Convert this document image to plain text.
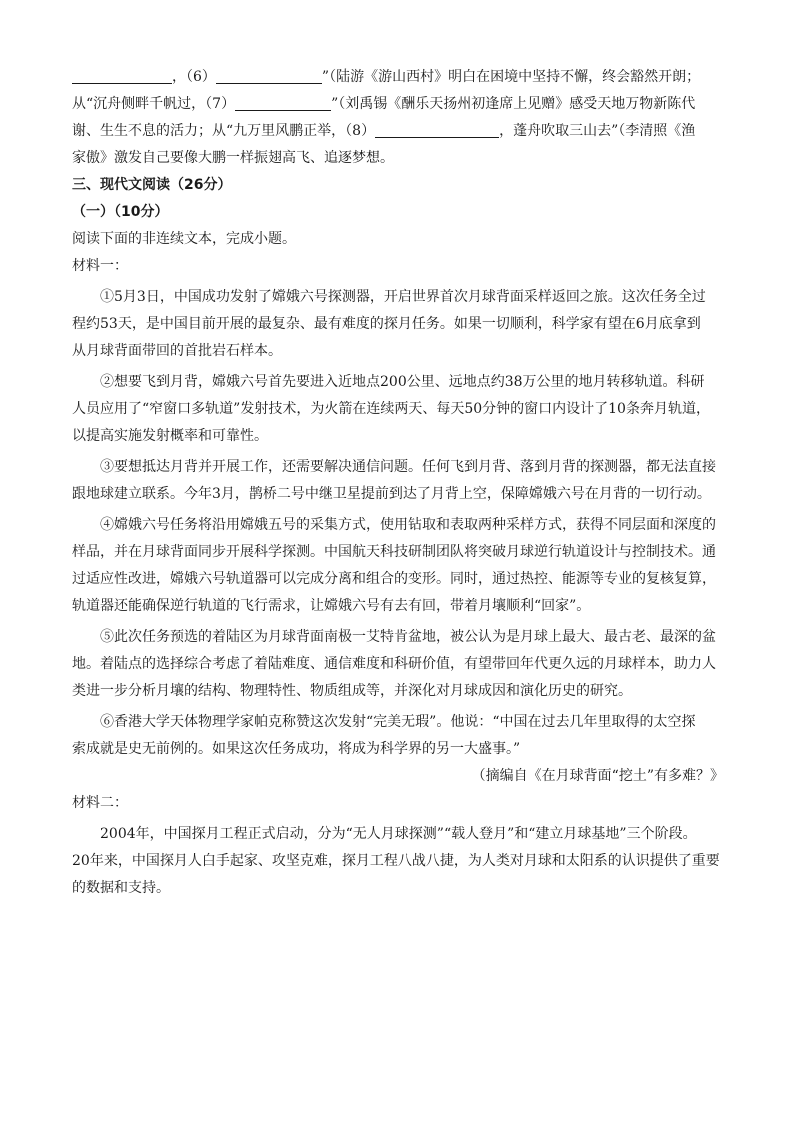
，（6）	”（陆游《游山西村》明白在困境中坚持不懈，终会豁然开朗；
从“沉舟侧畔千帆过，（7）	”（刘禹锡《酬乐天扬州初逢席上见赠》感受天地万物新陈代
谢、生生不息的活力；从“九万里风鹏正举，（8）	，蓬舟吹取三山去”（李清照《渔
家傲》激发自己要像大鹏一样振翅高飞、追逐梦想。
三、现代文阅读（26分）
（一）（10分）
阅读下面的非连续文本，完成小题。
材料一：
①5月3日，中国成功发射了嫦娥六号探测器，开启世界首次月球背面采样返回之旅。这次任务全过
程约53天，是中国目前开展的最复杂、最有难度的探月任务。如果一切顺利，科学家有望在6月底拿到
从月球背面带回的首批岩石样本。
②想要飞到月背，嫦娥六号首先要进入近地点200公里、远地点约38万公里的地月转移轨道。科研
人员应用了“窄窗口多轨道”发射技术，为火箭在连续两天、每天50分钟的窗口内设计了10条奔月轨道，
以提高实施发射概率和可靠性。
③要想抵达月背并开展工作，还需要解决通信问题。任何飞到月背、落到月背的探测器，都无法直接
跟地球建立联系。今年3月，鹊桥二号中继卫星提前到达了月背上空，保障嫦娥六号在月背的一切行动。
④嫦娥六号任务将沿用嫦娥五号的采集方式，使用钻取和表取两种采样方式，获得不同层面和深度的
样品，并在月球背面同步开展科学探测。中国航天科技研制团队将突破月球逆行轨道设计与控制技术。通
过适应性改进，嫦娥六号轨道器可以完成分离和组合的变形。同时，通过热控、能源等专业的复核复算，
轨道器还能确保逆行轨道的飞行需求，让嫦娥六号有去有回，带着月壤顺利“回家”。
⑤此次任务预选的着陆区为月球背面南极一艾特肯盆地，被公认为是月球上最大、最古老、最深的盆
地。着陆点的选择综合考虑了着陆难度、通信难度和科研价值，有望带回年代更久远的月球样本，助力人
类进一步分析月壤的结构、物理特性、物质组成等，并深化对月球成因和演化历史的研究。
⑥香港大学天体物理学家帕克称赞这次发射“完美无瑕”。他说：“中国在过去几年里取得的太空探
索成就是史无前例的。如果这次任务成功，将成为科学界的另一大盛事。”
（摘编自《在月球背面“挖土”有多难？》
材料二：
2004年，中国探月工程正式启动，分为“无人月球探测”“载人登月”和“建立月球基地”三个阶段。
20年来，中国探月人白手起家、攻坚克难，探月工程八战八捷，为人类对月球和太阳系的认识提供了重要
的数据和支持。
